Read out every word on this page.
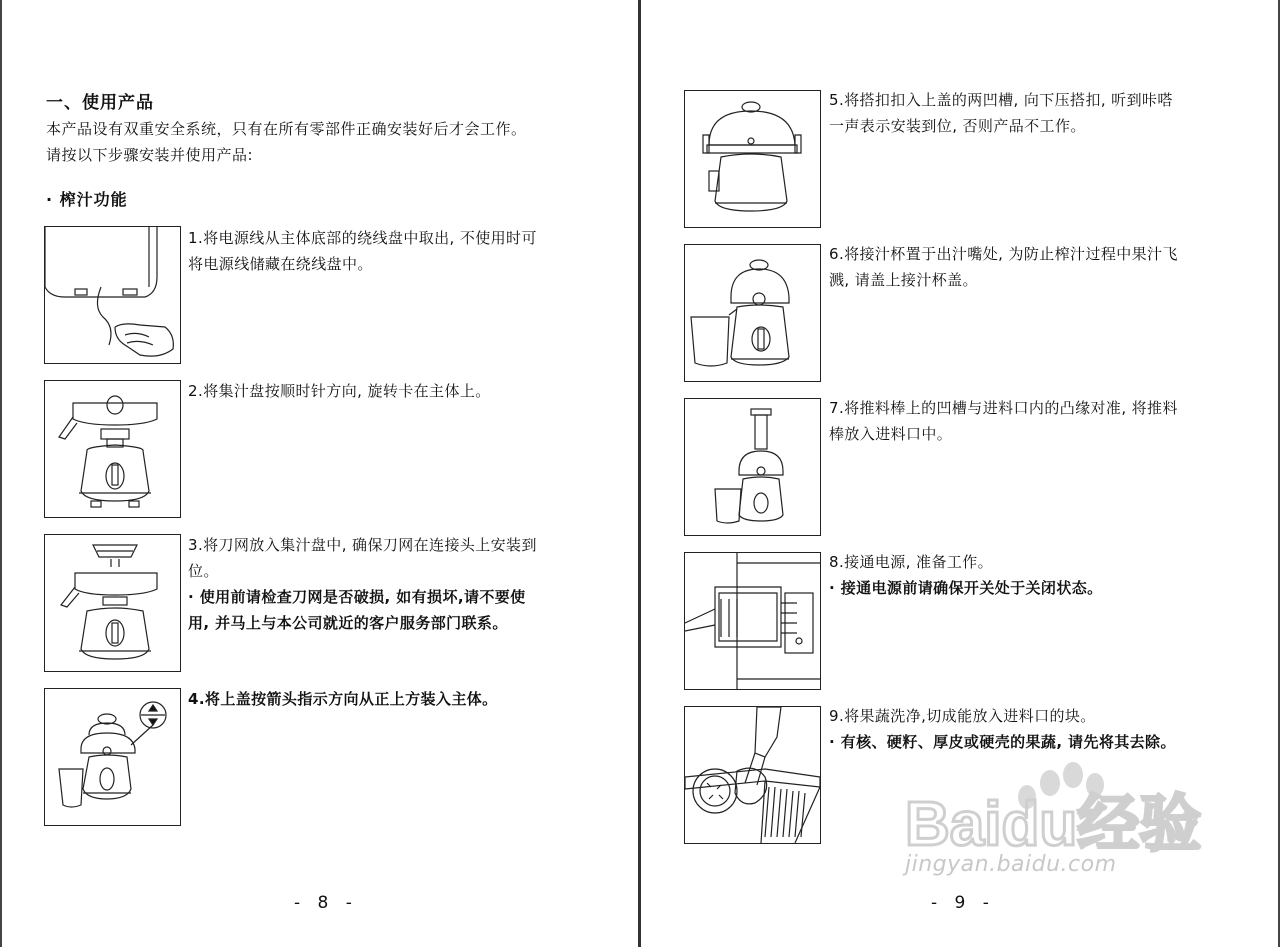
一、使用产品
本产品设有双重安全系统，只有在所有零部件正确安装好后才会工作。
请按以下步骤安装并使用产品:
· 榨汁功能
1.将电源线从主体底部的绕线盘中取出, 不使用时可
将电源线储藏在绕线盘中。
2.将集汁盘按顺时针方向, 旋转卡在主体上。
3.将刀网放入集汁盘中, 确保刀网在连接头上安装到
位。
· 使用前请检查刀网是否破损, 如有损坏,请不要使
用, 并马上与本公司就近的客户服务部门联系。
4.将上盖按箭头指示方向从正上方装入主体。
- 8 -
5.将搭扣扣入上盖的两凹槽, 向下压搭扣, 听到咔嗒
一声表示安装到位, 否则产品不工作。
6.将接汁杯置于出汁嘴处, 为防止榨汁过程中果汁飞
溅, 请盖上接汁杯盖。
7.将推料棒上的凹槽与进料口内的凸缘对准, 将推料
棒放入进料口中。
8.接通电源, 准备工作。
· 接通电源前请确保开关处于关闭状态。
9.将果蔬洗净,切成能放入进料口的块。
· 有核、硬籽、厚皮或硬壳的果蔬, 请先将其去除。
- 9 -
Baidu经验
jingyan.baidu.com
